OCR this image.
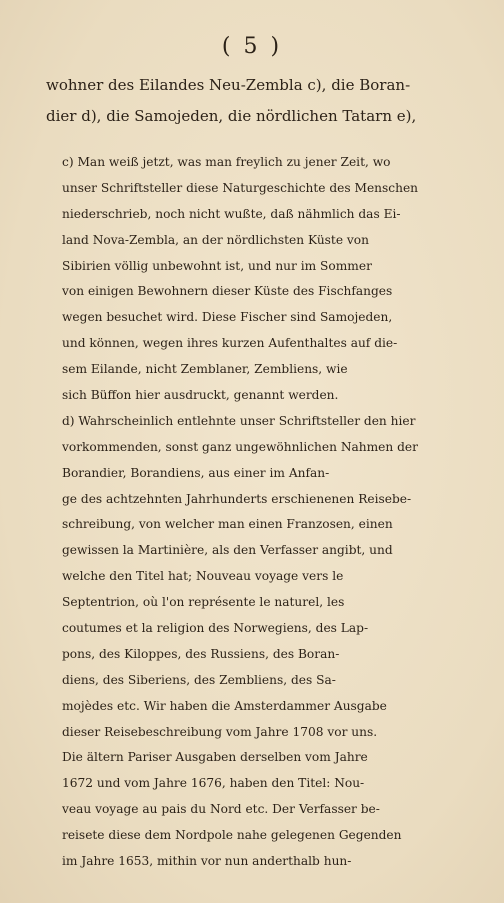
( 5 )
wohner des Eilandes Neu-Zembla c), die Boran-
dier d), die Samojeden, die nördlichen Tatarn e),
c) Man weiß jetzt, was man freylich zu jener Zeit, wo
unser Schriftsteller diese Naturgeschichte des Menschen
niederschrieb, noch nicht wußte, daß nähmlich das Ei-
land Nova-Zembla, an der nördlichsten Küste von
Sibirien völlig unbewohnt ist, und nur im Sommer
von einigen Bewohnern dieser Küste des Fischfanges
wegen besuchet wird. Diese Fischer sind Samojeden,
und können, wegen ihres kurzen Aufenthaltes auf die-
sem Eilande, nicht Zemblaner, Zembliens, wie
sich Büffon hier ausdruckt, genannt werden.
d) Wahrscheinlich entlehnte unser Schriftsteller den hier
vorkommenden, sonst ganz ungewöhnlichen Nahmen der
Borandier, Borandiens, aus einer im Anfan-
ge des achtzehnten Jahrhunderts erschienenen Reisebe-
schreibung, von welcher man einen Franzosen, einen
gewissen la Martinière, als den Verfasser angibt, und
welche den Titel hat; Nouveau voyage vers le
Septentrion, où l'on représente le naturel, les
coutumes et la religion des Norwegiens, des Lap-
pons, des Kiloppes, des Russiens, des Boran-
diens, des Siberiens, des Zembliens, des Sa-
mojèdes etc. Wir haben die Amsterdammer Ausgabe
dieser Reisebeschreibung vom Jahre 1708 vor uns.
Die ältern Pariser Ausgaben derselben vom Jahre
1672 und vom Jahre 1676, haben den Titel: Nou-
veau voyage au pais du Nord etc. Der Verfasser be-
reisete diese dem Nordpole nahe gelegenen Gegenden
im Jahre 1653, mithin vor nun anderthalb hun-
